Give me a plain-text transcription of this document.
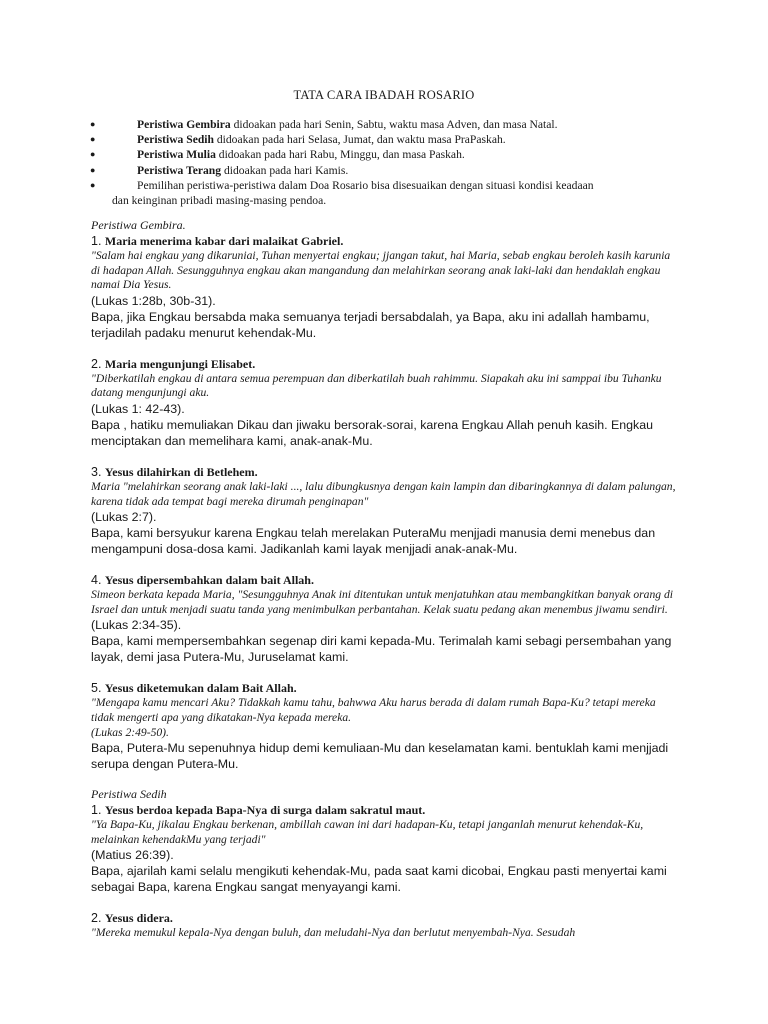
TATA CARA IBADAH ROSARIO
●	Peristiwa Gembira didoakan pada hari Senin, Sabtu, waktu masa Adven, dan masa Natal.
●	Peristiwa Sedih didoakan pada hari Selasa, Jumat, dan waktu masa PraPaskah.
●	Peristiwa Mulia didoakan pada hari Rabu, Minggu, dan masa Paskah.
●	Peristiwa Terang didoakan pada hari Kamis.
●	Pemilihan peristiwa-peristiwa dalam Doa Rosario bisa disesuaikan dengan situasi kondisi keadaan
dan keinginan pribadi masing-masing pendoa.

Peristiwa Gembira.

1. Maria menerima kabar dari malaikat Gabriel.

"Salam hai engkau yang dikaruniai, Tuhan menyertai engkau; jjangan takut, hai Maria, sebab engkau beroleh kasih karunia di hadapan Allah. Sesungguhnya engkau akan mangandung dan melahirkan seorang anak laki-laki dan hendaklah engkau namai Dia Yesus.

(Lukas 1:28b, 30b-31).

Bapa, jika Engkau bersabda maka semuanya terjadi bersabdalah, ya Bapa, aku ini adallah hambamu, terjadilah padaku menurut kehendak-Mu.

2. Maria mengunjungi Elisabet.

"Diberkatilah engkau di antara semua perempuan dan diberkatilah buah rahimmu. Siapakah aku ini samppai ibu Tuhanku datang mengunjungi aku.

(Lukas 1: 42-43).

Bapa , hatiku memuliakan Dikau dan jiwaku bersorak-sorai, karena Engkau Allah penuh kasih. Engkau menciptakan dan memelihara kami, anak-anak-Mu.

3. Yesus dilahirkan di Betlehem.

Maria "melahirkan seorang anak laki-laki ..., lalu dibungkusnya dengan kain lampin dan dibaringkannya di dalam palungan, karena tidak ada tempat bagi mereka dirumah penginapan"

(Lukas 2:7).

Bapa, kami bersyukur karena Engkau telah merelakan PuteraMu menjjadi manusia demi menebus dan mengampuni dosa-dosa kami. Jadikanlah kami layak menjjadi anak-anak-Mu.

4. Yesus dipersembahkan dalam bait Allah.

Simeon berkata kepada Maria, "Sesungguhnya Anak ini ditentukan untuk menjatuhkan atau membangkitkan banyak orang di Israel dan untuk menjadi suatu tanda yang menimbulkan perbantahan. Kelak suatu pedang akan menembus jiwamu sendiri.

(Lukas 2:34-35).

Bapa, kami mempersembahkan segenap diri kami kepada-Mu. Terimalah kami sebagi persembahan yang layak, demi jasa Putera-Mu, Juruselamat kami.

5. Yesus diketemukan dalam Bait Allah.

"Mengapa kamu mencari Aku? Tidakkah kamu tahu, bahwwa Aku harus berada di dalam rumah Bapa-Ku? tetapi mereka tidak mengerti apa yang dikatakan-Nya kepada mereka.

(Lukas 2:49-50).

Bapa, Putera-Mu sepenuhnya hidup demi kemuliaan-Mu dan keselamatan kami. bentuklah kami menjjadi serupa dengan Putera-Mu.

Peristiwa Sedih

1. Yesus berdoa kepada Bapa-Nya di surga dalam sakratul maut.

"Ya Bapa-Ku, jikalau Engkau berkenan, ambillah cawan ini dari hadapan-Ku, tetapi janganlah menurut kehendak-Ku, melainkan kehendakMu yang terjadi"

(Matius 26:39).

Bapa, ajarilah kami selalu mengikuti kehendak-Mu, pada saat kami dicobai, Engkau pasti menyertai kami sebagai Bapa, karena Engkau sangat menyayangi kami.

2. Yesus didera.

"Mereka memukul kepala-Nya dengan buluh, dan meludahi-Nya dan berlutut menyembah-Nya. Sesudah
